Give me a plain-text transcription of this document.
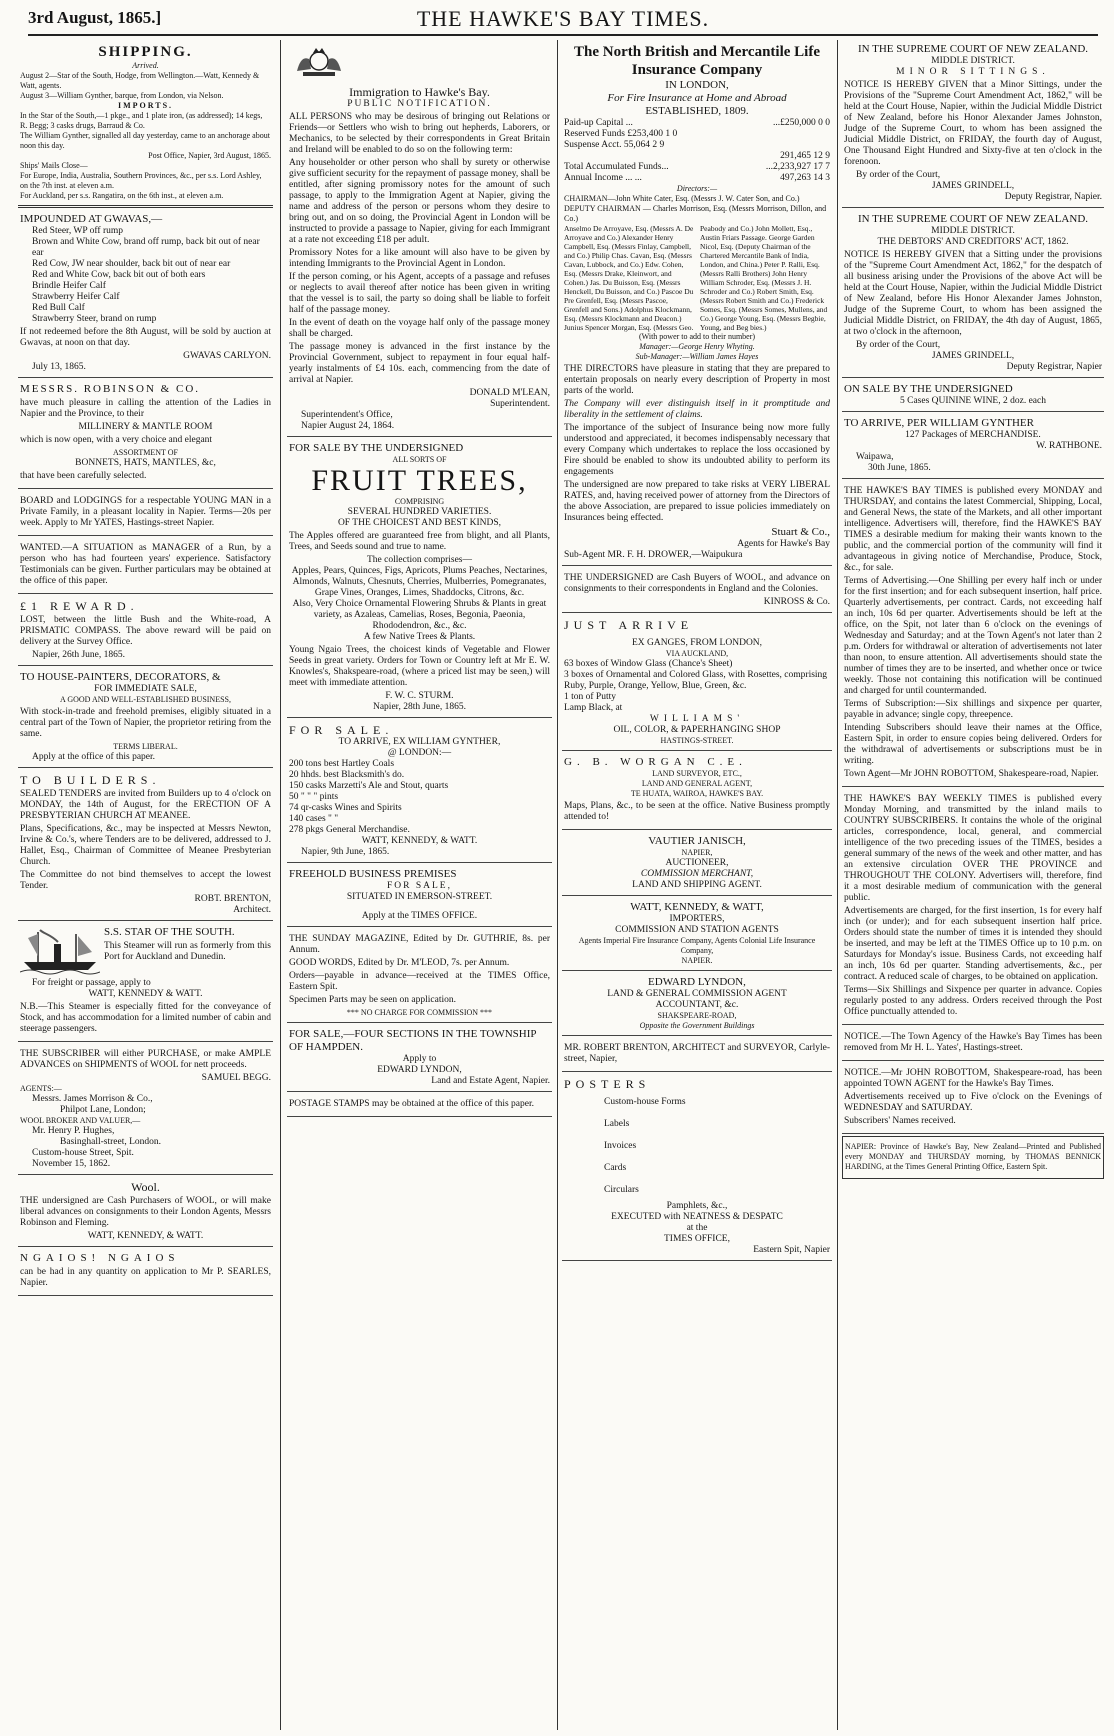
3rd August, 1865.]	THE HAWKE'S BAY TIMES.
SHIPPING.
Arrived.
August 2—Star of the South, Hodge, from Wellington.—Watt, Kennedy & Watt, agents.
August 3—William Gynther, barque, from London, via Nelson.
IMPORTS.
In the Star of the South,—1 pkge., and 1 plate iron, (as addressed); 14 kegs, R. Begg; 3 casks drugs, Barraud & Co.
The William Gynther, signalled all day yesterday, came to an anchorage about noon this day.
Post Office, Napier, 3rd August, 1865.
Ships' Mails Close—
For Europe, India, Australia, Southern Provinces, &c., per s.s. Lord Ashley, on the 7th inst. at eleven a.m.
For Auckland, per s.s. Rangatira, on the 6th inst., at eleven a.m.
IMPOUNDED AT GWAVAS,—
Red Steer, WP off rump
Brown and White Cow, brand off rump, back bit out of near ear
Red Cow, JW near shoulder, back bit out of near ear
Red and White Cow, back bit out of both ears
Brindle Heifer Calf
Strawberry Heifer Calf
Red Bull Calf
Strawberry Steer, brand on rump
If not redeemed before the 8th August, will be sold by auction at Gwavas, at noon on that day.
GWAVAS CARLYON.
July 13, 1865.
MESSRS. ROBINSON & CO.
have much pleasure in calling the attention of the Ladies in Napier and the Province, to their
MILLINERY & MANTLE ROOM
which is now open, with a very choice and elegant
ASSORTMENT OF
BONNETS, HATS, MANTLES, &c,
that have been carefully selected.
BOARD and LODGINGS for a respectable YOUNG MAN in a Private Family, in a pleasant locality in Napier. Terms—20s per week. Apply to Mr YATES, Hastings-street Napier.
WANTED.—A SITUATION as MANAGER of a Run, by a person who has had fourteen years' experience. Satisfactory Testimonials can be given. Further particulars may be obtained at the office of this paper.
£1 REWARD.
LOST, between the little Bush and the White-road, A PRISMATIC COMPASS. The above reward will be paid on delivery at the Survey Office.
Napier, 26th June, 1865.
TO HOUSE-PAINTERS, DECORATORS, &
FOR IMMEDIATE SALE,
A GOOD AND WELL-ESTABLISHED BUSINESS,
With stock-in-trade and freehold premises, eligibly situated in a central part of the Town of Napier, the proprietor retiring from the same.
TERMS LIBERAL.
Apply at the office of this paper.
TO BUILDERS.
SEALED TENDERS are invited from Builders up to 4 o'clock on MONDAY, the 14th of August, for the ERECTION OF A PRESBYTERIAN CHURCH AT MEANEE.
Plans, Specifications, &c., may be inspected at Messrs Newton, Irvine & Co.'s, where Tenders are to be delivered, addressed to J. Hallet, Esq., Chairman of Committee of Meanee Presbyterian Church.
The Committee do not bind themselves to accept the lowest Tender.
ROBT. BRENTON,
Architect.
S.S. STAR OF THE SOUTH.
This Steamer will run as formerly from this Port for Auckland and Dunedin.
For freight or passage, apply to
WATT, KENNEDY & WATT.
N.B.—This Steamer is especially fitted for the conveyance of Stock, and has accommodation for a limited number of cabin and steerage passengers.
THE SUBSCRIBER will either PURCHASE, or make AMPLE ADVANCES on SHIPMENTS of WOOL for nett proceeds.
SAMUEL BEGG.
AGENTS:—
Messrs. James Morrison & Co.,
Philpot Lane, London;
WOOL BROKER AND VALUER,—
Mr. Henry P. Hughes,
Basinghall-street, London.
Custom-house Street, Spit.
November 15, 1862.
Wool.
THE undersigned are Cash Purchasers of WOOL, or will make liberal advances on consignments to their London Agents, Messrs Robinson and Fleming.
WATT, KENNEDY, & WATT.
NGAIOS! NGAIOS
can be had in any quantity on application to Mr P. SEARLES, Napier.
Immigration to Hawke's Bay.
PUBLIC NOTIFICATION.
ALL PERSONS who may be desirous of bringing out Relations or Friends—or Settlers who wish to bring out hepherds, Laborers, or Mechanics, to be selected by their correspondents in Great Britain and Ireland will be enabled to do so on the following term:
Any householder or other person who shall by surety or otherwise give sufficient security for the repayment of passage money, shall be entitled, after signing promissory notes for the amount of such passage, to apply to the Immigration Agent at Napier, giving the name and address of the person or persons whom they desire to bring out, and on so doing, the Provincial Agent in London will be instructed to provide a passage to Napier, giving for each Immigrant at a rate not exceeding £18 per adult.
Promissory Notes for a like amount will also have to be given by intending Immigrants to the Provincial Agent in London.
If the person coming, or his Agent, accepts of a passage and refuses or neglects to avail thereof after notice has been given in writing that the vessel is to sail, the party so doing shall be liable to forfeit half of the passage money.
In the event of death on the voyage half only of the passage money shall be charged.
The passage money is advanced in the first instance by the Provincial Government, subject to repayment in four equal half-yearly instalments of £4 10s. each, commencing from the date of arrival at Napier.
DONALD M'LEAN,
Superintendent.
Superintendent's Office,
Napier August 24, 1864.
FOR SALE BY THE UNDERSIGNED
ALL SORTS OF
FRUIT TREES,
COMPRISING
SEVERAL HUNDRED VARIETIES.
OF THE CHOICEST AND BEST KINDS,
The Apples offered are guaranteed free from blight, and all Plants, Trees, and Seeds sound and true to name.
The collection comprises—
Apples, Pears, Quinces, Figs, Apricots, Plums Peaches, Nectarines, Almonds, Walnuts, Chesnuts, Cherries, Mulberries, Pomegranates, Grape Vines, Oranges, Limes, Shaddocks, Citrons, &c.
Also, Very Choice Ornamental Flowering Shrubs & Plants in great variety, as Azaleas, Camelias, Roses, Begonia, Paeonia, Rhododendron, &c., &c.
A few Native Trees & Plants.
Young Ngaio Trees, the choicest kinds of Vegetable and Flower Seeds in great variety. Orders for Town or Country left at Mr E. W. Knowles's, Shakspeare-road, (where a priced list may be seen,) will meet with immediate attention.
F. W. C. STURM.
Napier, 28th June, 1865.
FOR SALE.
TO ARRIVE, EX WILLIAM GYNTHER,
@ LONDON:—
200 tons best Hartley Coals
20 hhds. best Blacksmith's do.
150 casks Marzetti's Ale and Stout, quarts
50 " " " pints
74 qr-casks Wines and Spirits
140 cases " "
278 pkgs General Merchandise.
WATT, KENNEDY, & WATT.
Napier, 9th June, 1865.
FREEHOLD BUSINESS PREMISES
FOR SALE,
SITUATED IN EMERSON-STREET.
Apply at the TIMES OFFICE.
THE SUNDAY MAGAZINE, Edited by Dr. GUTHRIE, 8s. per Annum.
GOOD WORDS, Edited by Dr. M'LEOD, 7s. per Annum.
Orders—payable in advance—received at the TIMES Office, Eastern Spit.
Specimen Parts may be seen on application.
*** NO CHARGE FOR COMMISSION ***
FOR SALE,—FOUR SECTIONS IN THE TOWNSHIP OF HAMPDEN.
Apply to
EDWARD LYNDON,
Land and Estate Agent, Napier.
POSTAGE STAMPS may be obtained at the office of this paper.
The North British and Mercantile Life Insurance Company
IN LONDON,
For Fire Insurance at Home and Abroad
ESTABLISHED, 1809.
Paid-up Capital ...	...£250,000 0 0
Reserved Funds £253,400 1 0
Suspense Acct. 55,064 2 9
291,465 12 9
Total Accumulated Funds...	...2,233,927 17 7
Annual Income ... ...	497,263 14 3
Directors:—
CHAIRMAN—John White Cater, Esq. (Messrs J. W. Cater Son, and Co.)
DEPUTY CHAIRMAN — Charles Morrison, Esq. (Messrs Morrison, Dillon, and Co.)
Anselmo De Arroyave, Esq. (Messrs A. De Arroyave and Co.) Alexander Henry Campbell, Esq. (Messrs Finlay, Campbell, and Co.) Philip Chas. Cavan, Esq. (Messrs Cavan, Lubbock, and Co.) Edw. Cohen, Esq. (Messrs Drake, Kleinwort, and Cohen.) Jas. Du Buisson, Esq. (Messrs Henckell, Du Buisson, and Co.) Pascoe Du Pre Grenfell, Esq. (Messrs Pascoe, Grenfell and Sons.) Adolphus Klockmann, Esq. (Messrs Klockmann and Deacon.) Junius Spencer Morgan, Esq. (Messrs Geo. Peabody and Co.) John Mollett, Esq., Austin Friars Passage. George Garden Nicol, Esq. (Deputy Chairman of the Chartered Mercantile Bank of India, London, and China.) Peter P. Ralli, Esq. (Messrs Ralli Brothers) John Henry William Schroder, Esq. (Messrs J. H. Schroder and Co.) Robert Smith, Esq. (Messrs Robert Smith and Co.) Frederick Somes, Esq. (Messrs Somes, Mullens, and Co.) George Young, Esq. (Messrs Begbie, Young, and Beg bies.)
(With power to add to their number)
Manager:—George Henry Whyting.
Sub-Manager:—William James Hayes
THE DIRECTORS have pleasure in stating that they are prepared to entertain proposals on nearly every description of Property in most parts of the world.
The Company will ever distinguish itself in it promptitude and liberality in the settlement of claims.
The importance of the subject of Insurance being now more fully understood and appreciated, it becomes indispensably necessary that every Company which undertakes to replace the loss occasioned by Fire should be enabled to show its undoubted ability to perform its engagements
The undersigned are now prepared to take risks at VERY LIBERAL RATES, and, having received power of attorney from the Directors of the above Association, are prepared to issue policies immediately on Insurances being effected.
Stuart & Co.,
Agents for Hawke's Bay
Sub-Agent MR. F. H. DROWER,—Waipukura
THE UNDERSIGNED are Cash Buyers of WOOL, and advance on consignments to their correspondents in England and the Colonies.
KINROSS & Co.
JUST ARRIVE
EX GANGES, FROM LONDON,
VIA AUCKLAND,
63 boxes of Window Glass (Chance's Sheet)
3 boxes of Ornamental and Colored Glass, with Rosettes, comprising Ruby, Purple, Orange, Yellow, Blue, Green, &c.
1 ton of Putty
Lamp Black, at
WILLIAMS'
OIL, COLOR, & PAPERHANGING SHOP
HASTINGS-STREET.
G. B. WORGAN C.E.
LAND SURVEYOR, ETC.,
LAND AND GENERAL AGENT,
TE HUATA, WAIROA, HAWKE'S BAY.
Maps, Plans, &c., to be seen at the office. Native Business promptly attended to!
VAUTIER JANISCH,
NAPIER,
AUCTIONEER,
COMMISSION MERCHANT,
LAND AND SHIPPING AGENT.
WATT, KENNEDY, & WATT,
IMPORTERS,
COMMISSION AND STATION AGENTS
Agents Imperial Fire Insurance Company, Agents Colonial Life Insurance Company,
NAPIER.
EDWARD LYNDON,
LAND & GENERAL COMMISSION AGENT
ACCOUNTANT, &c.
SHAKSPEARE-ROAD,
Opposite the Government Buildings
MR. ROBERT BRENTON, ARCHITECT and SURVEYOR, Carlyle-street, Napier,
POSTERS
Custom-house Forms
Labels
Invoices
Cards
Circulars
Pamphlets, &c.,
EXECUTED with NEATNESS & DESPATC
at the
TIMES OFFICE,
Eastern Spit, Napier
IN THE SUPREME COURT OF NEW ZEALAND.
MIDDLE DISTRICT.
MINOR SITTINGS.
NOTICE IS HEREBY GIVEN that a Minor Sittings, under the Provisions of the "Supreme Court Amendment Act, 1862," will be held at the Court House, Napier, within the Judicial Middle District of New Zealand, before his Honor Alexander James Johnston, Judge of the Supreme Court, to whom has been assigned the Judicial Middle District, on FRIDAY, the fourth day of August, One Thousand Eight Hundred and Sixty-five at ten o'clock in the forenoon.
By order of the Court,
JAMES GRINDELL,
Deputy Registrar, Napier.
IN THE SUPREME COURT OF NEW ZEALAND.
MIDDLE DISTRICT.
THE DEBTORS' AND CREDITORS' ACT, 1862.
NOTICE IS HEREBY GIVEN that a Sitting under the provisions of the "Supreme Court Amendment Act, 1862," for the despatch of all business arising under the Provisions of the above Act will be held at the Court House, Napier, within the Judicial Middle District of New Zealand, before His Honor Alexander James Johnston, Judge of the Supreme Court, to whom has been assigned the Judicial Middle District, on FRIDAY, the 4th day of August, 1865, at two o'clock in the afternoon,
By order of the Court,
JAMES GRINDELL,
Deputy Registrar, Napier
ON SALE BY THE UNDERSIGNED
5 Cases QUININE WINE, 2 doz. each
TO ARRIVE, PER WILLIAM GYNTHER
127 Packages of MERCHANDISE.
W. RATHBONE.
Waipawa,
30th June, 1865.
THE HAWKE'S BAY TIMES is published every MONDAY and THURSDAY, and contains the latest Commercial, Shipping, Local, and General News, the state of the Markets, and all other important intelligence. Advertisers will, therefore, find the HAWKE'S BAY TIMES a desirable medium for making their wants known to the public, and the commercial portion of the community will find it advantageous in giving notice of Merchandise, Produce, Stock, &c., for sale.
Terms of Advertising.—One Shilling per every half inch or under for the first insertion; and for each subsequent insertion, half price. Quarterly advertisements, per contract. Cards, not exceeding half an inch, 10s 6d per quarter. Advertisements should be left at the office, on the Spit, not later than 6 o'clock on the evenings of Wednesday and Saturday; and at the Town Agent's not later than 2 p.m. Orders for withdrawal or alteration of advertisements not later than noon, to ensure attention. All advertisements should state the number of times they are to be inserted, and whether once or twice weekly. Those not containing this notification will be continued and charged for until countermanded.
Terms of Subscription:—Six shillings and sixpence per quarter, payable in advance; single copy, threepence.
Intending Subscribers should leave their names at the Office, Eastern Spit, in order to ensure copies being delivered. Orders for the withdrawal of advertisements or subscriptions must be in writing.
Town Agent—Mr JOHN ROBOTTOM, Shakespeare-road, Napier.
THE HAWKE'S BAY WEEKLY TIMES is published every Monday Morning, and transmitted by the inland mails to COUNTRY SUBSCRIBERS. It contains the whole of the original articles, correspondence, local, general, and commercial intelligence of the two preceding issues of the TIMES, besides a general summary of the news of the week and other matter, and has an extensive circulation OVER THE PROVINCE and THROUGHOUT THE COLONY. Advertisers will, therefore, find it a most desirable medium of communication with the general public.
Advertisements are charged, for the first insertion, 1s for every half inch (or under); and for each subsequent insertion half price. Orders should state the number of times it is intended they should be inserted, and may be left at the TIMES Office up to 10 p.m. on Saturdays for Monday's issue. Business Cards, not exceeding half an inch, 10s 6d per quarter. Standing advertisements, &c., per contract. A reduced scale of charges, to be obtained on application.
Terms—Six Shillings and Sixpence per quarter in advance. Copies regularly posted to any address. Orders received through the Post Office punctually attended to.
NOTICE.—The Town Agency of the Hawke's Bay Times has been removed from Mr H. L. Yates', Hastings-street.
NOTICE.—Mr JOHN ROBOTTOM, Shakespeare-road, has been appointed TOWN AGENT for the Hawke's Bay Times.
Advertisements received up to Five o'clock on the Evenings of WEDNESDAY and SATURDAY.
Subscribers' Names received.
NAPIER: Province of Hawke's Bay, New Zealand—Printed and Published every MONDAY and THURSDAY morning, by THOMAS BENNICK HARDING, at the Times General Printing Office, Eastern Spit.
